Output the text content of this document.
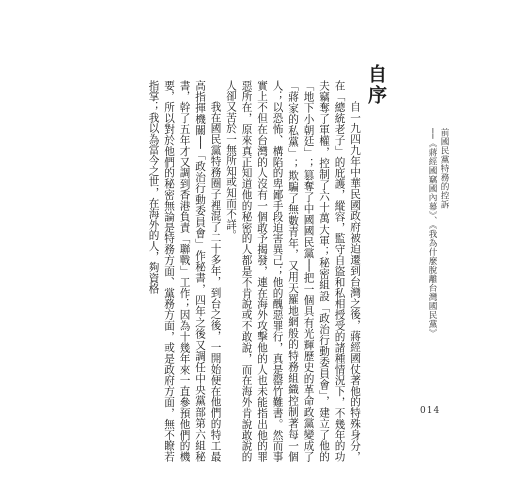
自一九四九年中華民國政府被迫遷到台灣之後，蔣經國仗著他的特殊身分，在「總統老子」的庇護，縱容，監守自盜和私相授受的諸種情況下，不幾年的功夫竊奪了軍權，控制了六十萬大軍；秘密組設「政治行動委員會」，建立了他的「地下小朝廷」；篡奪了中國國民黨──把一個具有光輝歷史的革命政黨變成了「蔣家的私黨」；欺騙了無數青年，又用天羅地網般的特務組織控制著每一個人；以恐怖、構陷的卑鄙手段迫害異己；他的醜惡罪行，真是罄竹難書。然而事實上不但在台灣的人沒有一個敢予揭發，連在海外攻擊他的人也未能指出他的罪惡所在，原來真正知道他的秘密的人都是不肯說或不敢說，而在海外肯說敢說的人卻又苦於一無所知或知而不詳。

我在國民黨特務圈子裡混了二十多年，到台之後，一開始便在他們的特工最高指揮機關──「政治行動委員會」作秘書，四年之後又調任中央黨部第六組秘書，幹了五年才又調到香港負責「聯戰」工作；因為十幾年來一直參預他們的機要，所以對於他們的秘密無論是特務方面、黨務方面，或是政府方面，無不瞭若指掌；我以為當今之世，在海外的人，夠資格	自序
──《蔣經國竊國內幕》、《我為什麼脫離台灣國民黨》 前國民黨特務的控訴
014
